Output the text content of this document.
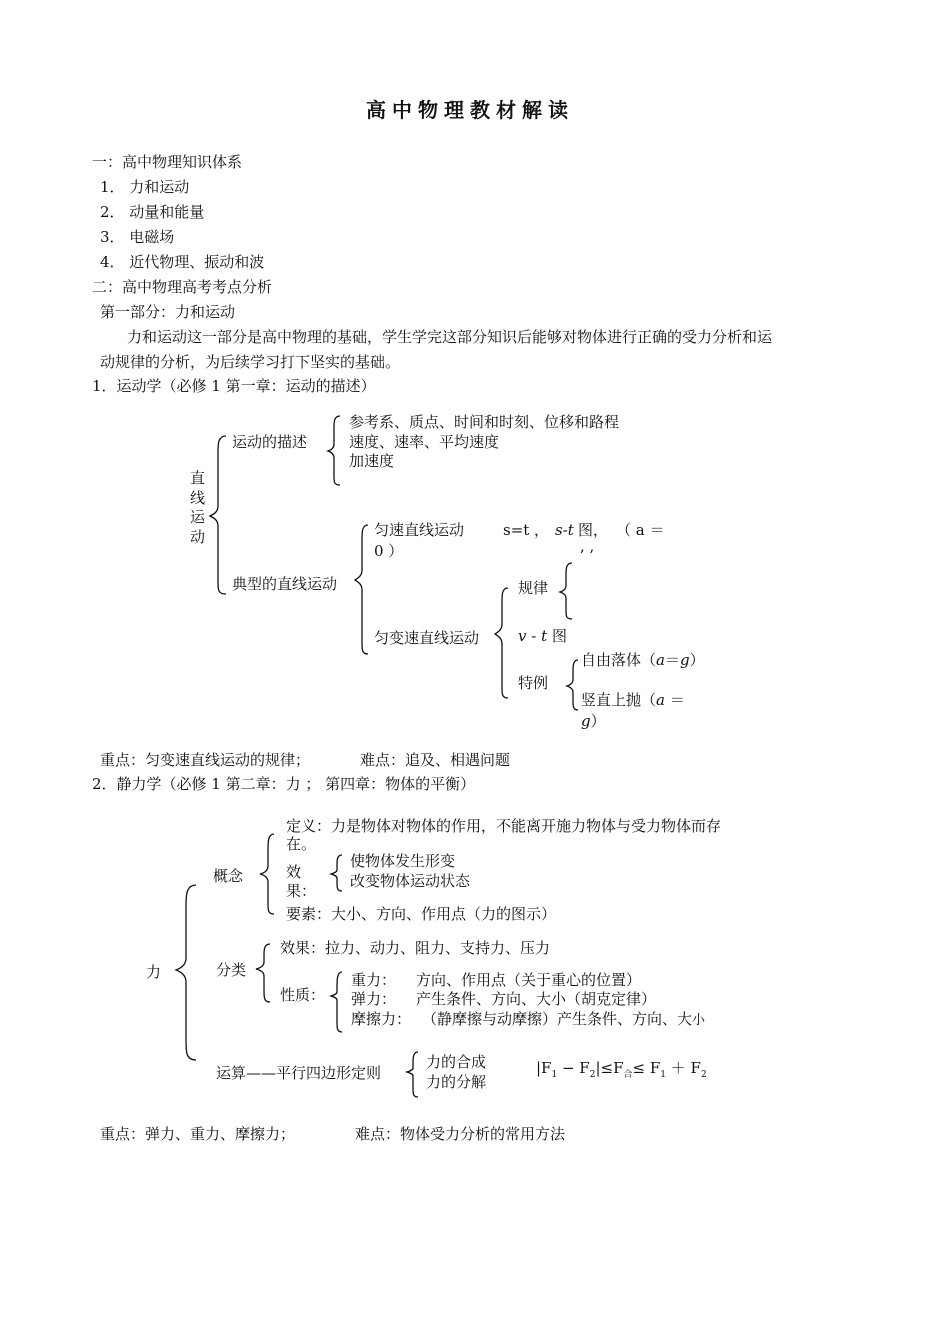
高中物理教材解读
一：高中物理知识体系
1． 力和运动
2． 动量和能量
3． 电磁场
4． 近代物理、振动和波
二：高中物理高考考点分析
第一部分：力和运动
力和运动这一部分是高中物理的基础，学生学完这部分知识后能够对物体进行正确的受力分析和运
动规律的分析，为后续学习打下坚实的基础。
1．运动学（必修 1 第一章：运动的描述）
直
线
运
动
运动的描述
参考系、质点、时间和时刻、位移和路程
速度、速率、平均速度
加速度
典型的直线运动
匀速直线运动	s=t ， s-t 图， （ a ＝
0 ）	, ,
匀变速直线运动
规律
v - t 图
特例
自由落体（a＝g）
竖直上抛（a ＝
g）
重点：匀变速直线运动的规律；	难点：追及、相遇问题
2．静力学（必修 1 第二章：力 ； 第四章：物体的平衡）
力
概念
定义：力是物体对物体的作用，不能离开施力物体与受力物体而存
在。
效
果：
使物体发生形变
改变物体运动状态
要素：大小、方向、作用点（力的图示）
分类
效果：拉力、动力、阻力、支持力、压力
性质：
重力： 方向、作用点（关于重心的位置）
弹力： 产生条件、方向、大小（胡克定律）
摩擦力： （静摩擦与动摩擦）产生条件、方向、大小
运算——平行四边形定则
力的合成
力的分解
$|F_1 - F_2|\le F_合\le F_1 + F_2$
重点：弹力、重力、摩擦力；	难点：物体受力分析的常用方法
